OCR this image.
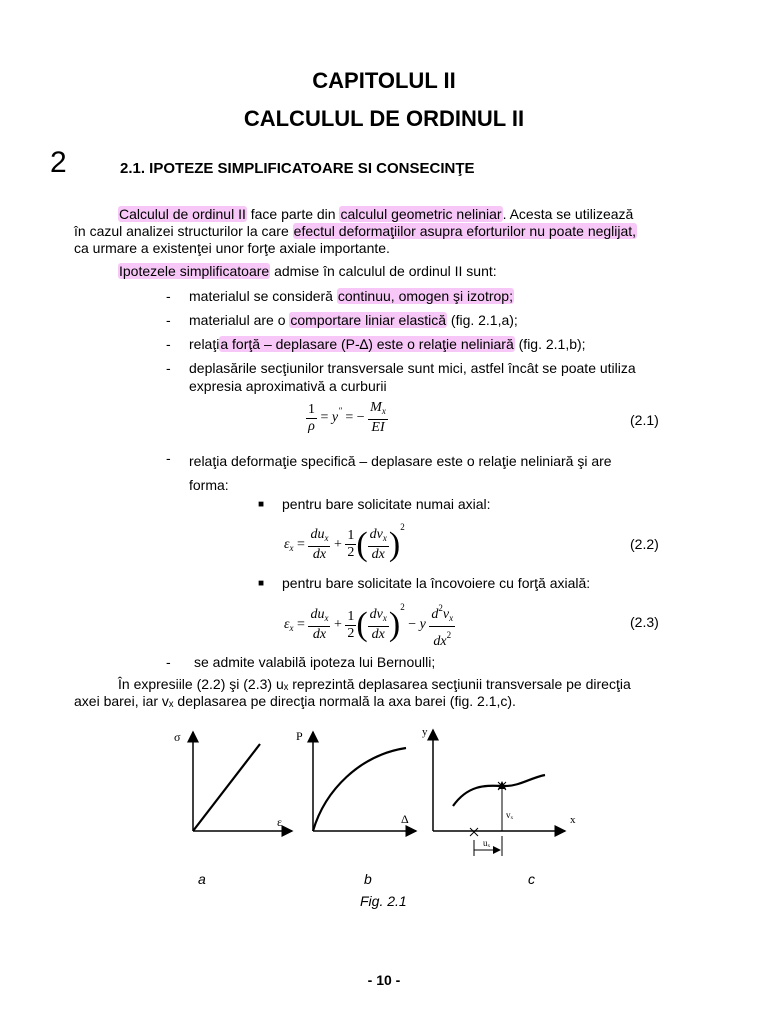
CAPITOLUL II
CALCULUL DE ORDINUL II
2	2.1. IPOTEZE SIMPLIFICATOARE SI CONSECINŢE
Calculul de ordinul II face parte din calculul geometric neliniar. Acesta se utilizează
în cazul analizei structurilor la care efectul deformaţiilor asupra eforturilor nu poate neglijat,
ca urmare a existenţei unor forţe axiale importante.
Ipotezele simplificatoare admise în calculul de ordinul II sunt:
- materialul se consideră continuu, omogen şi izotrop;
- materialul are o comportare liniar elastică (fig. 2.1,a);
- relaţia forţă – deplasare (P-∆) este o relaţie neliniară (fig. 2.1,b);
- deplasările secţiunilor transversale sunt mici, astfel încât se poate utiliza
expresia aproximativă a curburii
$\frac{1}{\rho} = y''$ = − $\frac{M_x}{EI}$	(2.1)
- relaţia deformaţie specifică – deplasare este o relaţie neliniară şi are
forma:
■ pentru bare solicitate numai axial:
$\varepsilon_x = \frac{du_x}{dx} + \frac{1}{2}$ ( $\frac{dv_x}{dx} )^2$
(2.2)
■ pentru bare solicitate la încovoiere cu forţă axială:
$\varepsilon_x = \frac{du_x}{dx} + \frac{1}{2}$ ( $\frac{dv_x}{dx} )^2 - y \frac{d^2v_x}{dx^2}$	(2.3)
- se admite valabilă ipoteza lui Bernoulli;
În expresiile (2.2) şi (2.3) uₓ reprezintă deplasarea secţiunii transversale pe direcţia
axei barei, iar vₓ deplasarea pe direcţia normală la axa barei (fig. 2.1,c).
σ
ε
P
Δ
y
x
vₓ
uₓ
a	b	c
Fig. 2.1
- 10 -
